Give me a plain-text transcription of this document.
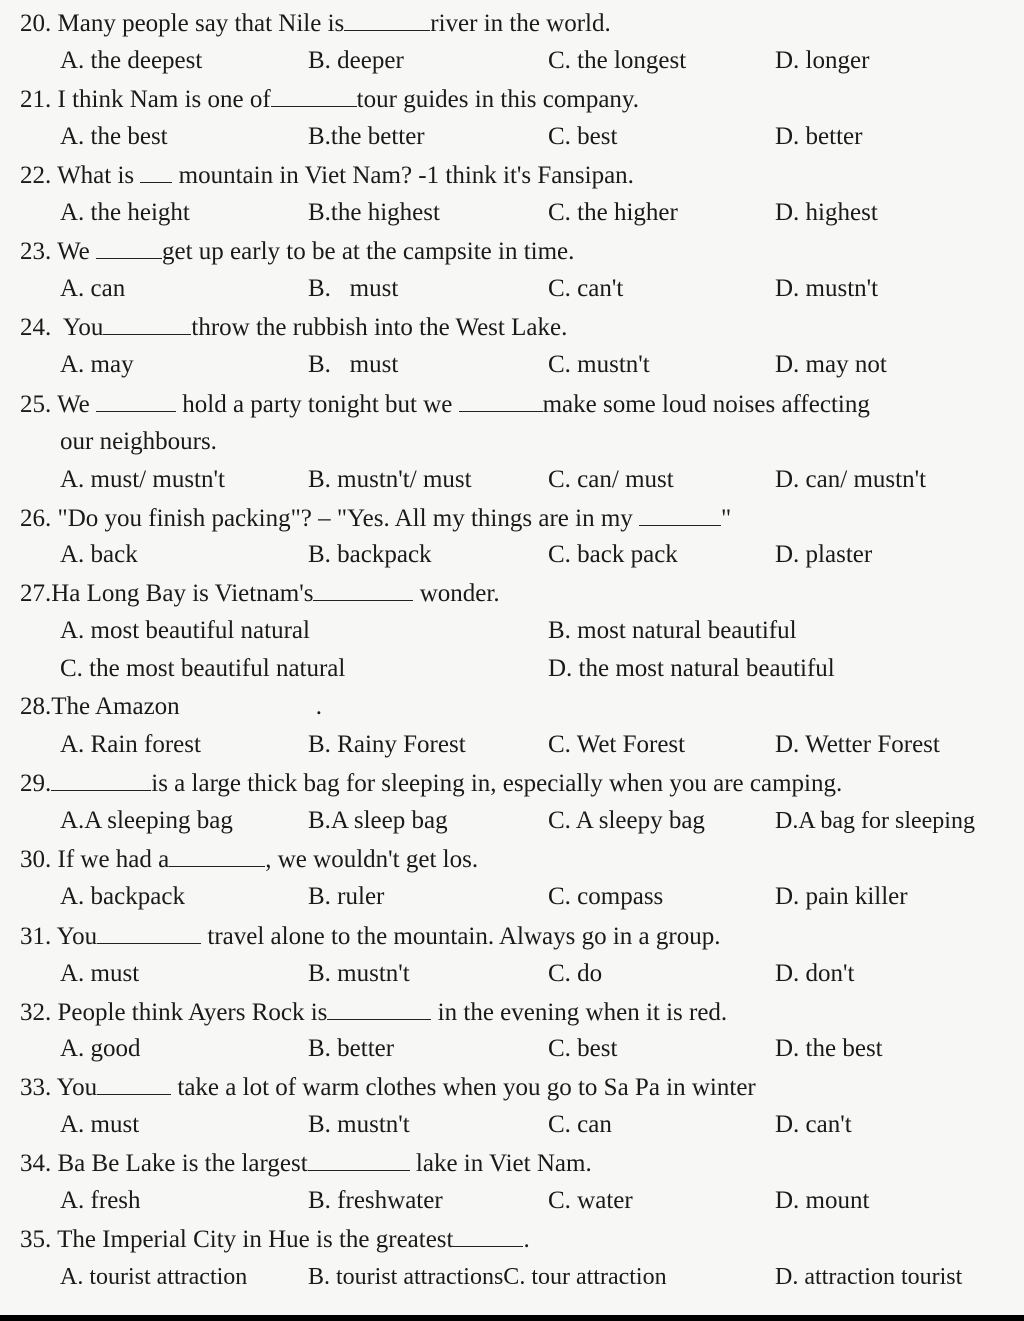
20. Many people say that Nile is	river in the world.
A. the deepest	B. deeper	C. the longest	D. longer
21. I think Nam is one of	tour guides in this company.
A. the best	B.the better	C. best	D. better
22. What is mountain in Viet Nam? -1 think it's Fansipan.
A. the height	B.the highest	C. the higher	D. highest
23. We	get up early to be at the campsite in time.
A. can	B.   must	C. can't	D. mustn't
24. You	throw the rubbish into the West Lake.
A. may	B.   must	C. mustn't	D. may not
25. We	hold a party tonight but we	make some loud noises affecting
our neighbours.
A. must/ mustn't	B. mustn't/ must	C. can/ must	D. can/ mustn't
26. "Do you finish packing"? – "Yes. All my things are in my	"
A. back	B. backpack	C. back pack	D. plaster
27.Ha Long Bay is Vietnam's	wonder.
A. most beautiful natural	B. most natural beautiful
C. the most beautiful natural	D. the most natural beautiful
28.The Amazon	.
A. Rain forest	B. Rainy Forest	C. Wet Forest	D. Wetter Forest
29.	is a large thick bag for sleeping in, especially when you are camping.
A.A sleeping bag	B.A sleep bag	C. A sleepy bag	D.A bag for sleeping
30. If we had a	, we wouldn't get los.
A. backpack	B. ruler	C. compass	D. pain killer
31. You	travel alone to the mountain. Always go in a group.
A. must	B. mustn't	C. do	D. don't
32. People think Ayers Rock is	in the evening when it is red.
A. good	B. better	C. best	D. the best
33. You	take a lot of warm clothes when you go to Sa Pa in winter
A. must	B. mustn't	C. can	D. can't
34. Ba Be Lake is the largest	lake in Viet Nam.
A. fresh	B. freshwater	C. water	D. mount
35. The Imperial City in Hue is the greatest	.
A. tourist attraction	B. tourist attractionsC. tour attraction	D. attraction tourist
